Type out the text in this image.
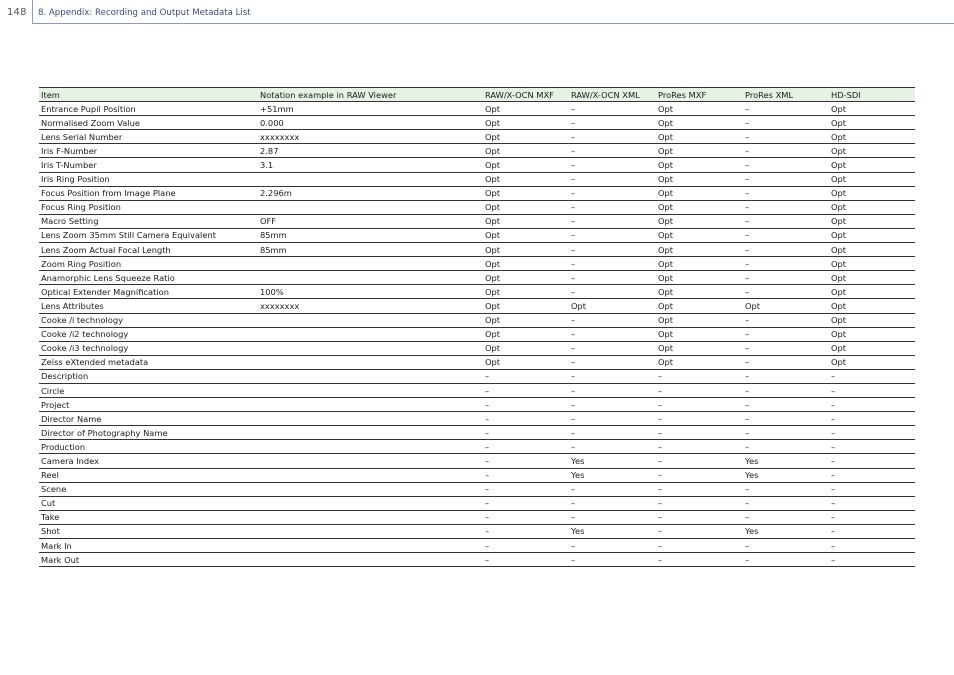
148 8. Appendix: Recording and Output Metadata List
Item	Notation example in RAW Viewer	RAW/X-OCN MXF	RAW/X-OCN XML	ProRes MXF	ProRes XML	HD-SDI
Entrance Pupil Position	+51mm	Opt	–	Opt	–	Opt
Normalised Zoom Value	0.000	Opt	–	Opt	–	Opt
Lens Serial Number	xxxxxxxx	Opt	–	Opt	–	Opt
Iris F-Number	2.87	Opt	–	Opt	–	Opt
Iris T-Number	3.1	Opt	–	Opt	–	Opt
Iris Ring Position		Opt	–	Opt	–	Opt
Focus Position from Image Plane	2.296m	Opt	–	Opt	–	Opt
Focus Ring Position		Opt	–	Opt	–	Opt
Macro Setting	OFF	Opt	–	Opt	–	Opt
Lens Zoom 35mm Still Camera Equivalent	85mm	Opt	–	Opt	–	Opt
Lens Zoom Actual Focal Length	85mm	Opt	–	Opt	–	Opt
Zoom Ring Position		Opt	–	Opt	–	Opt
Anamorphic Lens Squeeze Ratio		Opt	–	Opt	–	Opt
Optical Extender Magnification	100%	Opt	–	Opt	–	Opt
Lens Attributes	xxxxxxxx	Opt	Opt	Opt	Opt	Opt
Cooke /i technology		Opt	–	Opt	–	Opt
Cooke /i2 technology		Opt	–	Opt	–	Opt
Cooke /i3 technology		Opt	–	Opt	–	Opt
Zeiss eXtended metadata		Opt	–	Opt	–	Opt
Description		–	–	–	–	–
Circle		–	–	–	–	–
Project		–	–	–	–	–
Director Name		–	–	–	–	–
Director of Photography Name		–	–	–	–	–
Production		–	–	–	–	–
Camera Index		–	Yes	–	Yes	–
Reel		–	Yes	–	Yes	–
Scene		–	–	–	–	–
Cut		–	–	–	–	–
Take		–	–	–	–	–
Shot		–	Yes	–	Yes	–
Mark In		–	–	–	–	–
Mark Out		–	–	–	–	–
